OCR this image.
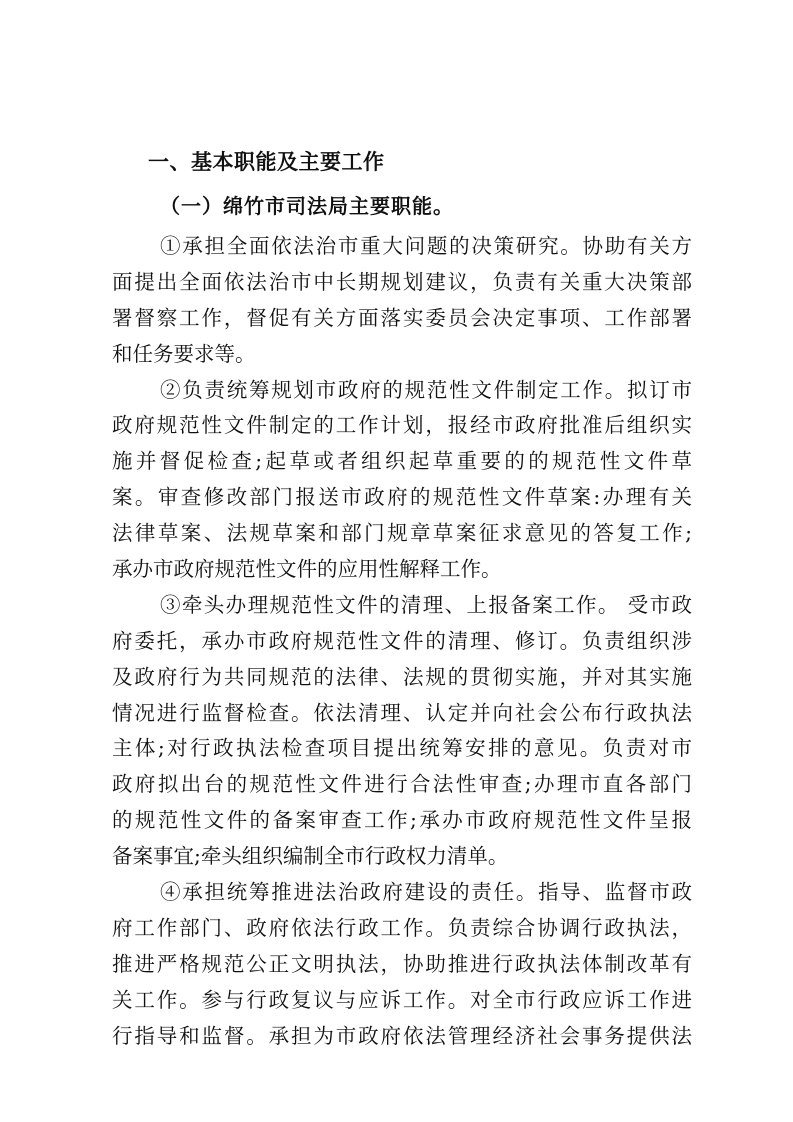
一、基本职能及主要工作
（一）绵竹市司法局主要职能。

①承担全面依法治市重大问题的决策研究。协助有关方
面提出全面依法治市中长期规划建议，负责有关重大决策部
署督察工作，督促有关方面落实委员会决定事项、工作部署
和任务要求等。

②负责统筹规划市政府的规范性文件制定工作。拟订市
政府规范性文件制定的工作计划，报经市政府批准后组织实
施并督促检查;起草或者组织起草重要的的规范性文件草
案。审查修改部门报送市政府的规范性文件草案:办理有关
法律草案、法规草案和部门规章草案征求意见的答复工作;
承办市政府规范性文件的应用性解释工作。

③牵头办理规范性文件的清理、上报备案工作。 受市政
府委托，承办市政府规范性文件的清理、修订。负责组织涉
及政府行为共同规范的法律、法规的贯彻实施，并对其实施
情况进行监督检查。依法清理、认定并向社会公布行政执法
主体;对行政执法检查项目提出统筹安排的意见。负责对市
政府拟出台的规范性文件进行合法性审查;办理市直各部门
的规范性文件的备案审查工作;承办市政府规范性文件呈报
备案事宜;牵头组织编制全市行政权力清单。

④承担统筹推进法治政府建设的责任。指导、监督市政
府工作部门、政府依法行政工作。负责综合协调行政执法，
推进严格规范公正文明执法，协助推进行政执法体制改革有
关工作。参与行政复议与应诉工作。对全市行政应诉工作进
行指导和监督。承担为市政府依法管理经济社会事务提供法
